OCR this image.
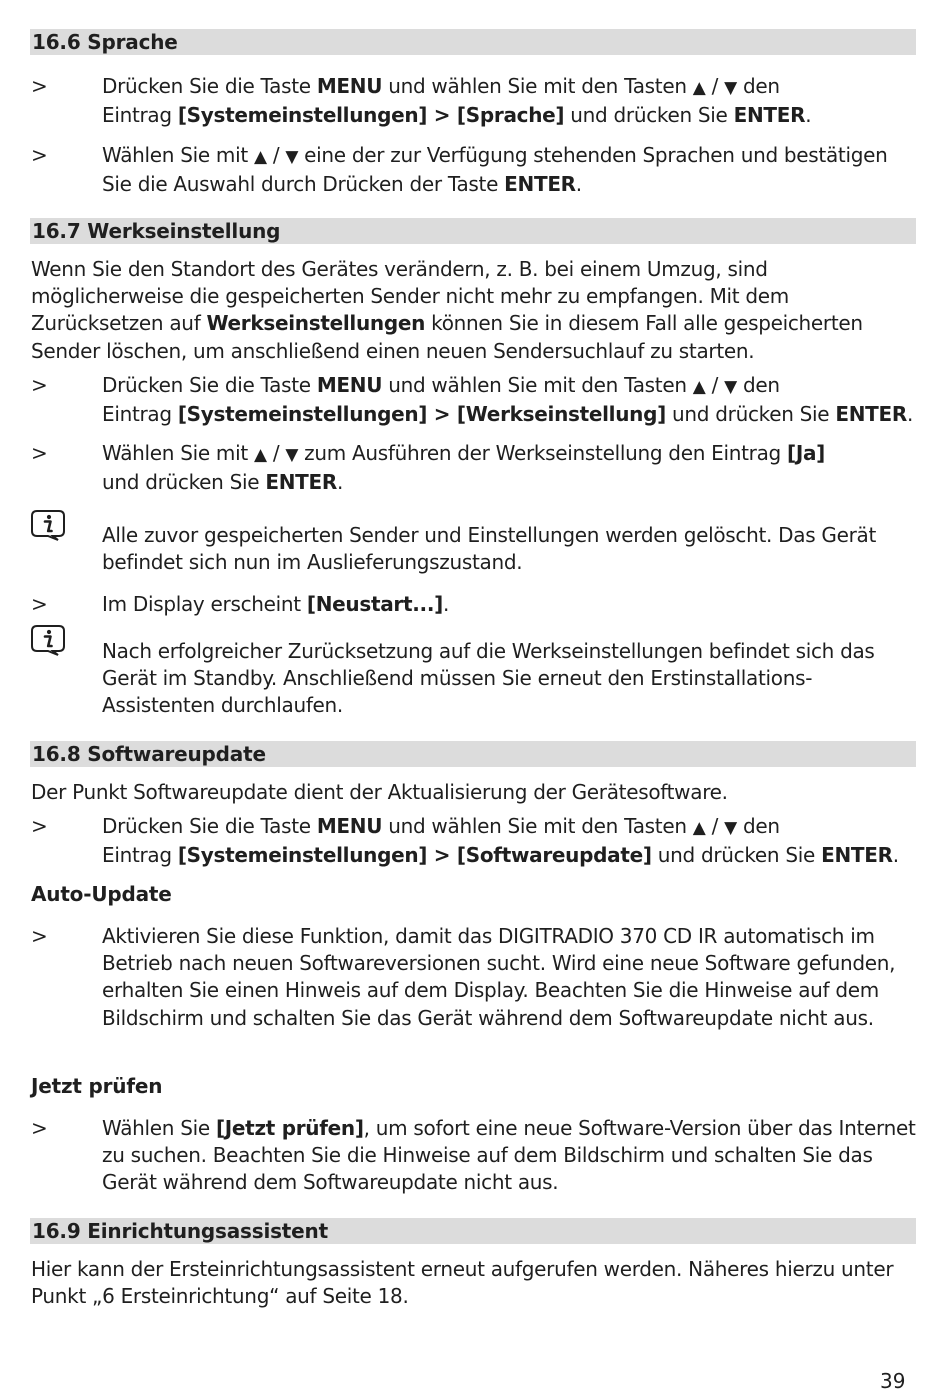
16.6 Sprache
>	Drücken Sie die Taste MENU und wählen Sie mit den Tasten ▲ / ▼ den
Eintrag [Systemeinstellungen] > [Sprache] und drücken Sie ENTER.
>	Wählen Sie mit ▲ / ▼ eine der zur Verfügung stehenden Sprachen und bestätigen Sie die Auswahl durch Drücken der Taste ENTER.
16.7 Werkseinstellung
Wenn Sie den Standort des Gerätes verändern, z. B. bei einem Umzug, sind möglicherweise die gespeicherten Sender nicht mehr zu empfangen. Mit dem Zurücksetzen auf Werkseinstellungen können Sie in diesem Fall alle gespeicherten Sender löschen, um anschließend einen neuen Sendersuchlauf zu starten.
>	Drücken Sie die Taste MENU und wählen Sie mit den Tasten ▲ / ▼ den
Eintrag [Systemeinstellungen] > [Werkseinstellung] und drücken Sie ENTER.
>	Wählen Sie mit ▲ / ▼ zum Ausführen der Werkseinstellung den Eintrag [Ja]
und drücken Sie ENTER.
Alle zuvor gespeicherten Sender und Einstellungen werden gelöscht. Das Gerät befindet sich nun im Auslieferungszustand.
>	Im Display erscheint [Neustart...].
Nach erfolgreicher Zurücksetzung auf die Werkseinstellungen befindet sich das Gerät im Standby. Anschließend müssen Sie erneut den Erstinstallations-Assistenten durchlaufen.
16.8 Softwareupdate
Der Punkt Softwareupdate dient der Aktualisierung der Gerätesoftware.
>	Drücken Sie die Taste MENU und wählen Sie mit den Tasten ▲ / ▼ den
Eintrag [Systemeinstellungen] > [Softwareupdate] und drücken Sie ENTER.
Auto-Update
>	Aktivieren Sie diese Funktion, damit das DIGITRADIO 370 CD IR automatisch im Betrieb nach neuen Softwareversionen sucht. Wird eine neue Software gefunden, erhalten Sie einen Hinweis auf dem Display. Beachten Sie die Hinweise auf dem Bildschirm und schalten Sie das Gerät während dem Softwareupdate nicht aus.
Jetzt prüfen
>	Wählen Sie [Jetzt prüfen], um sofort eine neue Software-Version über das Internet zu suchen. Beachten Sie die Hinweise auf dem Bildschirm und schalten Sie das Gerät während dem Softwareupdate nicht aus.
16.9 Einrichtungsassistent
Hier kann der Ersteinrichtungsassistent erneut aufgerufen werden. Näheres hierzu unter Punkt „6 Ersteinrichtung“ auf Seite 18.
39
